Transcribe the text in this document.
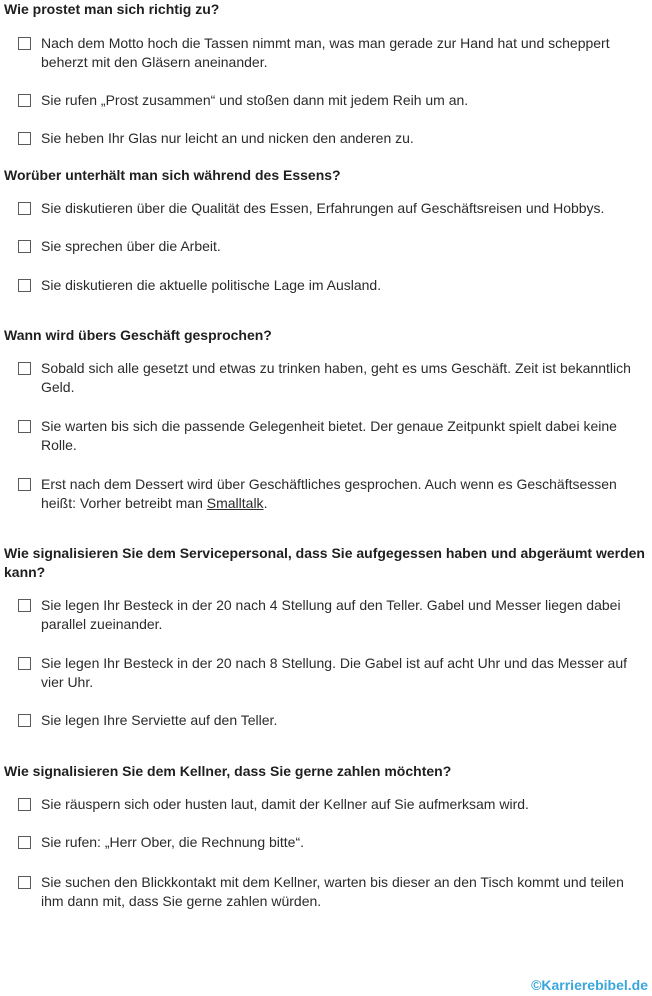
Wie prostet man sich richtig zu?
Nach dem Motto hoch die Tassen nimmt man, was man gerade zur Hand hat und scheppert beherzt mit den Gläsern aneinander.
Sie rufen „Prost zusammen“ und stoßen dann mit jedem Reih um an.
Sie heben Ihr Glas nur leicht an und nicken den anderen zu.
Worüber unterhält man sich während des Essens?
Sie diskutieren über die Qualität des Essen, Erfahrungen auf Geschäftsreisen und Hobbys.
Sie sprechen über die Arbeit.
Sie diskutieren die aktuelle politische Lage im Ausland.
Wann wird übers Geschäft gesprochen?
Sobald sich alle gesetzt und etwas zu trinken haben, geht es ums Geschäft. Zeit ist bekanntlich Geld.
Sie warten bis sich die passende Gelegenheit bietet. Der genaue Zeitpunkt spielt dabei keine Rolle.
Erst nach dem Dessert wird über Geschäftliches gesprochen. Auch wenn es Geschäftsessen heißt: Vorher betreibt man Smalltalk.
Wie signalisieren Sie dem Servicepersonal, dass Sie aufgegessen haben und abgeräumt werden kann?
Sie legen Ihr Besteck in der 20 nach 4 Stellung auf den Teller. Gabel und Messer liegen dabei parallel zueinander.
Sie legen Ihr Besteck in der 20 nach 8 Stellung. Die Gabel ist auf acht Uhr und das Messer auf vier Uhr.
Sie legen Ihre Serviette auf den Teller.
Wie signalisieren Sie dem Kellner, dass Sie gerne zahlen möchten?
Sie räuspern sich oder husten laut, damit der Kellner auf Sie aufmerksam wird.
Sie rufen: „Herr Ober, die Rechnung bitte“.
Sie suchen den Blickkontakt mit dem Kellner, warten bis dieser an den Tisch kommt und teilen ihm dann mit, dass Sie gerne zahlen würden.
©Karrierebibel.de
